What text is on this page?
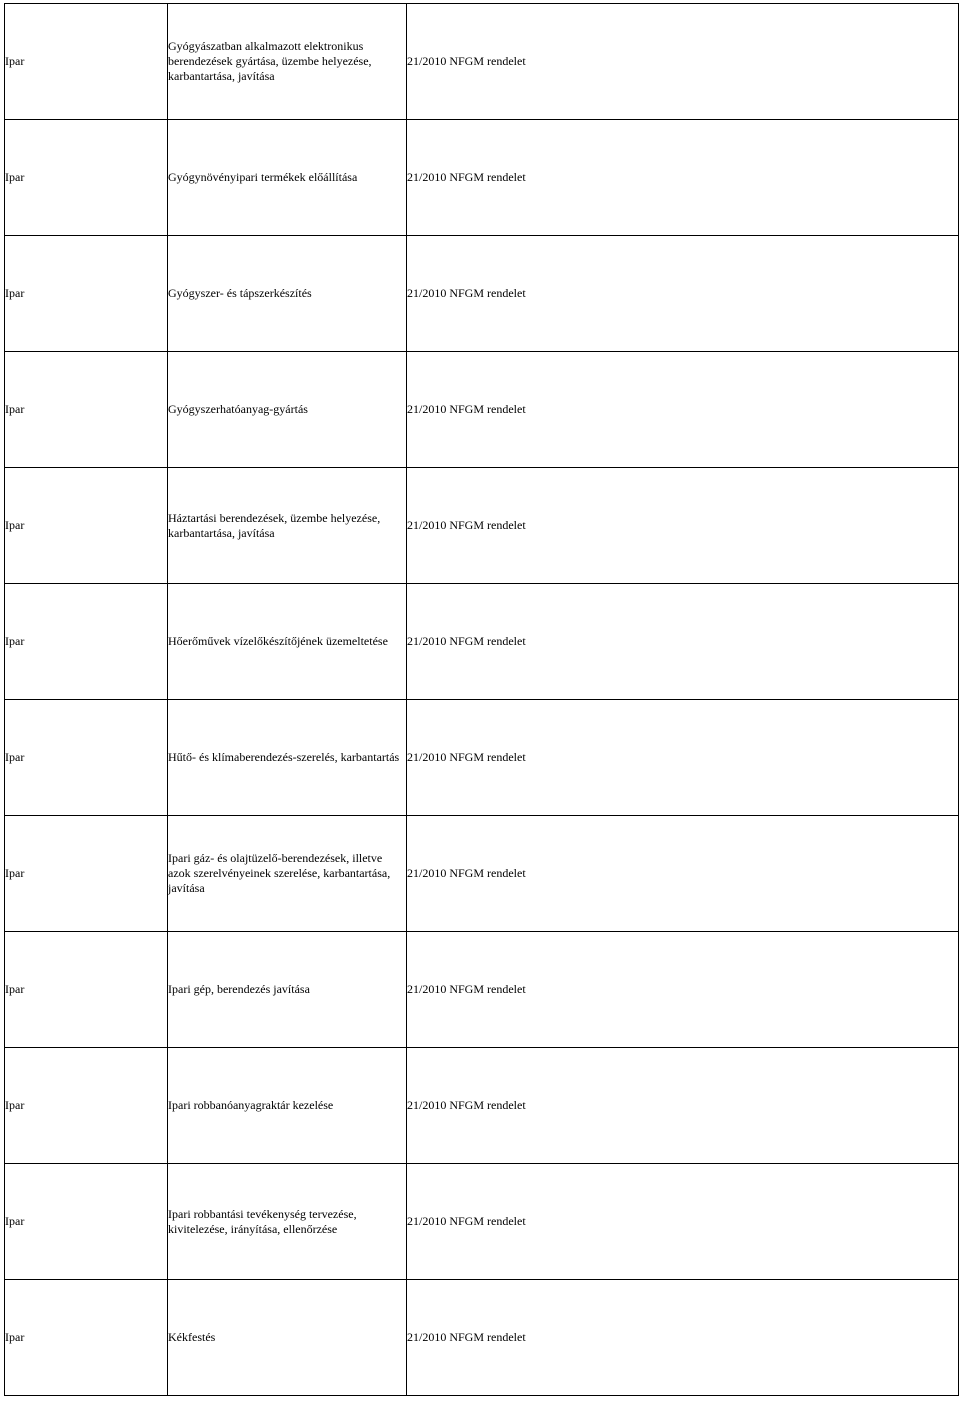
Ipar	Gyógyászatban alkalmazott elektronikus berendezések gyártása, üzembe helyezése, karbantartása, javítása	21/2010 NFGM rendelet
Ipar	Gyógynövényipari termékek előállítása	21/2010 NFGM rendelet
Ipar	Gyógyszer- és tápszerkészítés	21/2010 NFGM rendelet
Ipar	Gyógyszerhatóanyag-gyártás	21/2010 NFGM rendelet
Ipar	Háztartási berendezések, üzembe helyezése, karbantartása, javítása	21/2010 NFGM rendelet
Ipar	Hőerőművek vízelőkészítőjének üzemeltetése	21/2010 NFGM rendelet
Ipar	Hűtő- és klímaberendezés-szerelés, karbantartás	21/2010 NFGM rendelet
Ipar	Ipari gáz- és olajtüzelő-berendezések, illetve azok szerelvényeinek szerelése, karbantartása, javítása	21/2010 NFGM rendelet
Ipar	Ipari gép, berendezés javítása	21/2010 NFGM rendelet
Ipar	Ipari robbanóanyagraktár kezelése	21/2010 NFGM rendelet
Ipar	Ipari robbantási tevékenység tervezése, kivitelezése, irányítása, ellenőrzése	21/2010 NFGM rendelet
Ipar	Kékfestés	21/2010 NFGM rendelet
